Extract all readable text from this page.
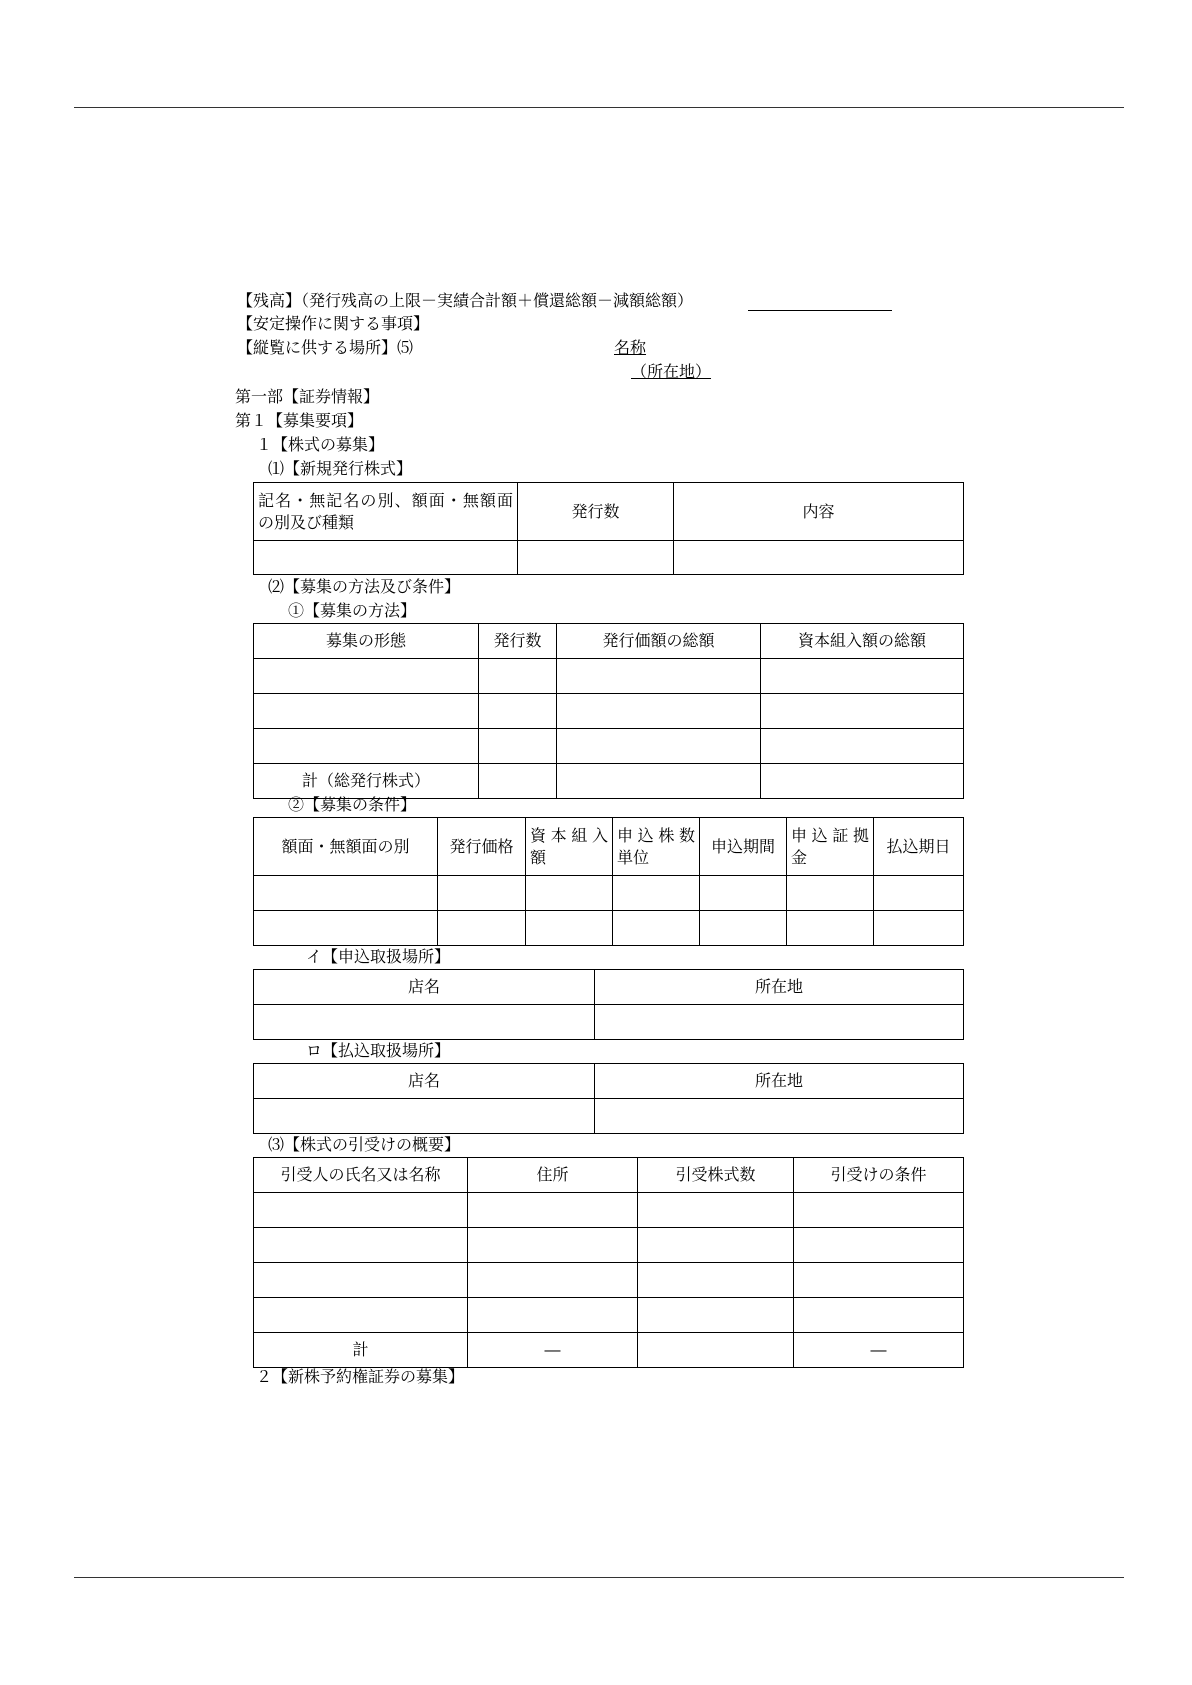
【残高】（発行残高の上限－実績合計額＋償還総額－減額総額）
【安定操作に関する事項】
【縦覧に供する場所】⑸	名称
（所在地）
第一部【証券情報】
第１【募集要項】
１【株式の募集】
⑴【新規発行株式】
記名・無記名の別、額面・無額面の別及び種類	発行数	内容

⑵【募集の方法及び条件】
①【募集の方法】
募集の形態	発行数	発行価額の総額	資本組入額の総額

計（総発行株式）			
②【募集の条件】
額面・無額面の別	発行価格	資本組入額	申込株数単位	申込期間	申込証拠金	払込期日

イ【申込取扱場所】
店名	所在地

ロ【払込取扱場所】
店名	所在地

⑶【株式の引受けの概要】
引受人の氏名又は名称	住所	引受株式数	引受けの条件

計	―		―
２【新株予約権証券の募集】
